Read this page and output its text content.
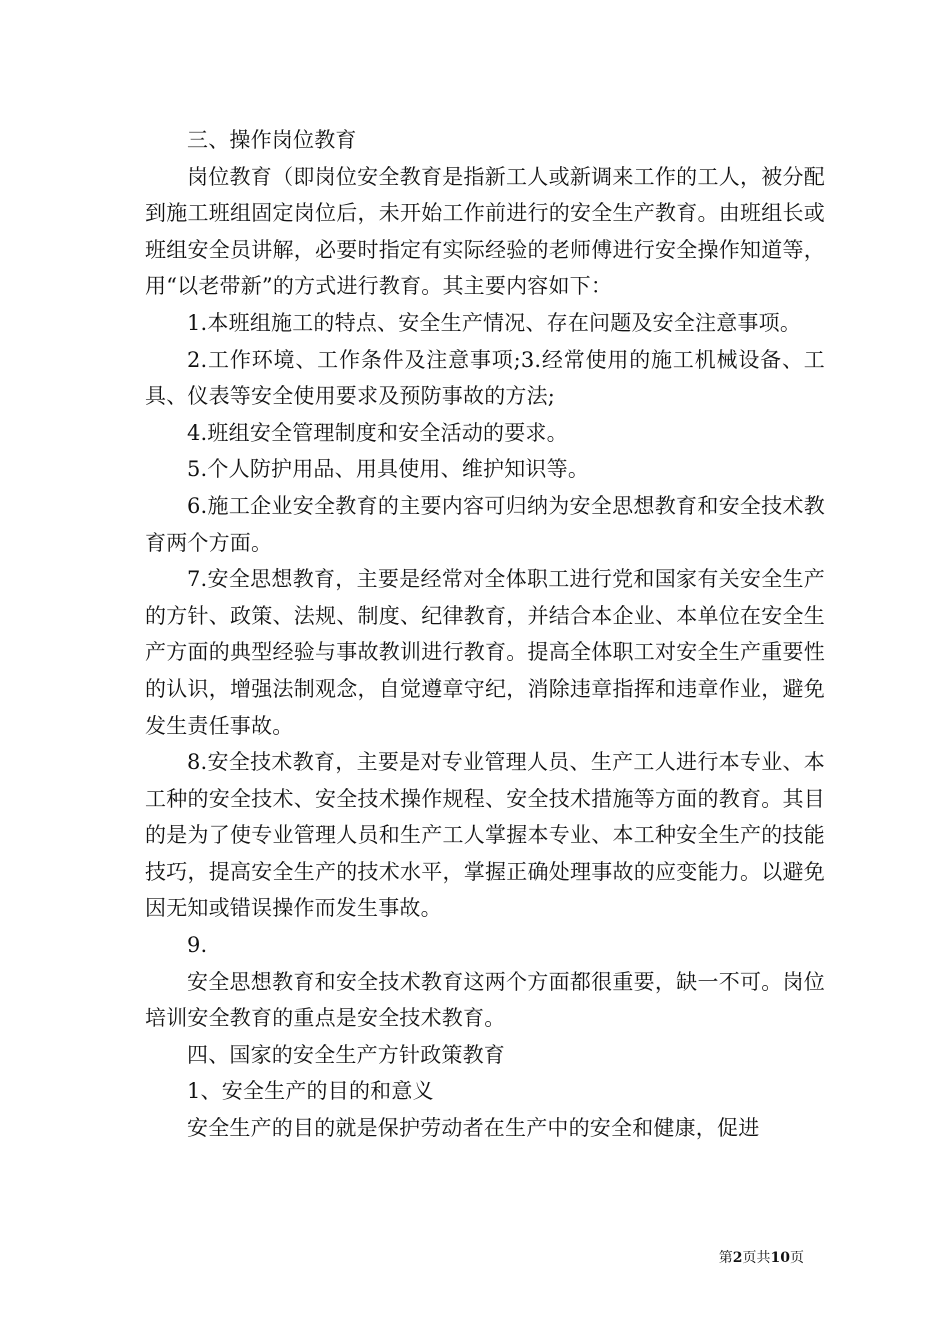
三、操作岗位教育

岗位教育（即岗位安全教育是指新工人或新调来工作的工人，被分配到施工班组固定岗位后，未开始工作前进行的安全生产教育。由班组长或班组安全员讲解，必要时指定有实际经验的老师傅进行安全操作知道等，用“以老带新”的方式进行教育。其主要内容如下：

1.本班组施工的特点、安全生产情况、存在问题及安全注意事项。

2.工作环境、工作条件及注意事项;3.经常使用的施工机械设备、工具、仪表等安全使用要求及预防事故的方法;

4.班组安全管理制度和安全活动的要求。

5.个人防护用品、用具使用、维护知识等。

6.施工企业安全教育的主要内容可归纳为安全思想教育和安全技术教育两个方面。

7.安全思想教育，主要是经常对全体职工进行党和国家有关安全生产的方针、政策、法规、制度、纪律教育，并结合本企业、本单位在安全生产方面的典型经验与事故教训进行教育。提高全体职工对安全生产重要性的认识，增强法制观念，自觉遵章守纪，消除违章指挥和违章作业，避免发生责任事故。

8.安全技术教育，主要是对专业管理人员、生产工人进行本专业、本工种的安全技术、安全技术操作规程、安全技术措施等方面的教育。其目的是为了使专业管理人员和生产工人掌握本专业、本工种安全生产的技能技巧，提高安全生产的技术水平，掌握正确处理事故的应变能力。以避免因无知或错误操作而发生事故。

9.

安全思想教育和安全技术教育这两个方面都很重要，缺一不可。岗位培训安全教育的重点是安全技术教育。

四、国家的安全生产方针政策教育

1、安全生产的目的和意义

安全生产的目的就是保护劳动者在生产中的安全和健康，促进

第2页共10页
